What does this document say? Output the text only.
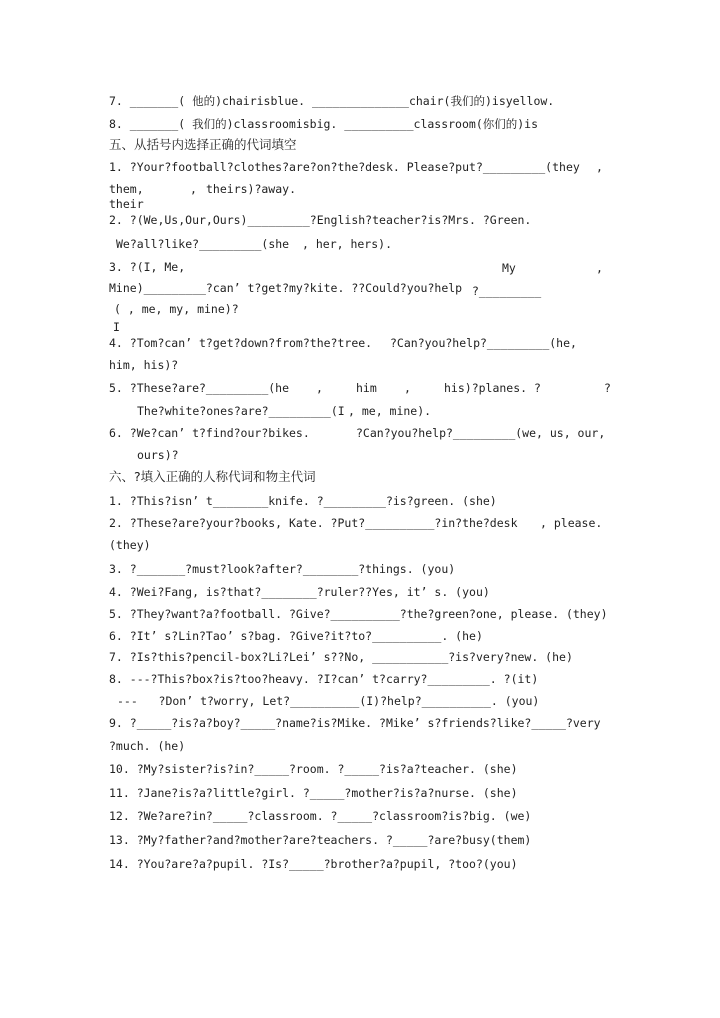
7. _______( 他的)chairisblue. ______________chair(我们的)isyellow.
8. _______( 我们的)classroomisbig. __________classroom(你们的)is
五、从括号内选择正确的代词填空
1. ?Your?football?clothes?are?on?the?desk. Please?put?_________(they ,
them,	, theirs)?away.
their
2. ?(We,Us,Our,Ours)_________?English?teacher?is?Mrs. ?Green.
We?all?like?_________(she , her, hers).
3. ?(I, Me,	My	,
Mine)_________?can’ t?get?my?kite. ??Could?you?help ?_________
( , me, my, mine)?
I
4. ?Tom?can’ t?get?down?from?the?tree. ?Can?you?help?_________(he,
him, his)?
5. ?These?are?_________(he ,	him ,	his)?planes. ?	?
The?white?ones?are?_________(I , me, mine).
6. ?We?can’ t?find?our?bikes.	?Can?you?help?_________(we, us, our,
ours)?
六、?填入正确的人称代词和物主代词
1. ?This?isn’ t________knife. ?_________?is?green. (she)
2. ?These?are?your?books, Kate. ?Put?__________?in?the?desk , please.
(they)
3. ?_______?must?look?after?________?things. (you)
4. ?Wei?Fang, is?that?________?ruler??Yes, it’ s. (you)
5. ?They?want?a?football. ?Give?__________?the?green?one, please. (they)
6. ?It’ s?Lin?Tao’ s?bag. ?Give?it?to?__________. (he)
7. ?Is?this?pencil-box?Li?Lei’ s??No, ___________?is?very?new. (he)
8. ---?This?box?is?too?heavy. ?I?can’ t?carry?_________. ?(it)
---   ?Don’ t?worry, Let?__________(I)?help?__________. (you)
9. ?_____?is?a?boy?_____?name?is?Mike. ?Mike’ s?friends?like?_____?very
?much. (he)
10. ?My?sister?is?in?_____?room. ?_____?is?a?teacher. (she)
11. ?Jane?is?a?little?girl. ?_____?mother?is?a?nurse. (she)
12. ?We?are?in?_____?classroom. ?_____?classroom?is?big. (we)
13. ?My?father?and?mother?are?teachers. ?_____?are?busy(them)
14. ?You?are?a?pupil. ?Is?_____?brother?a?pupil, ?too?(you)
